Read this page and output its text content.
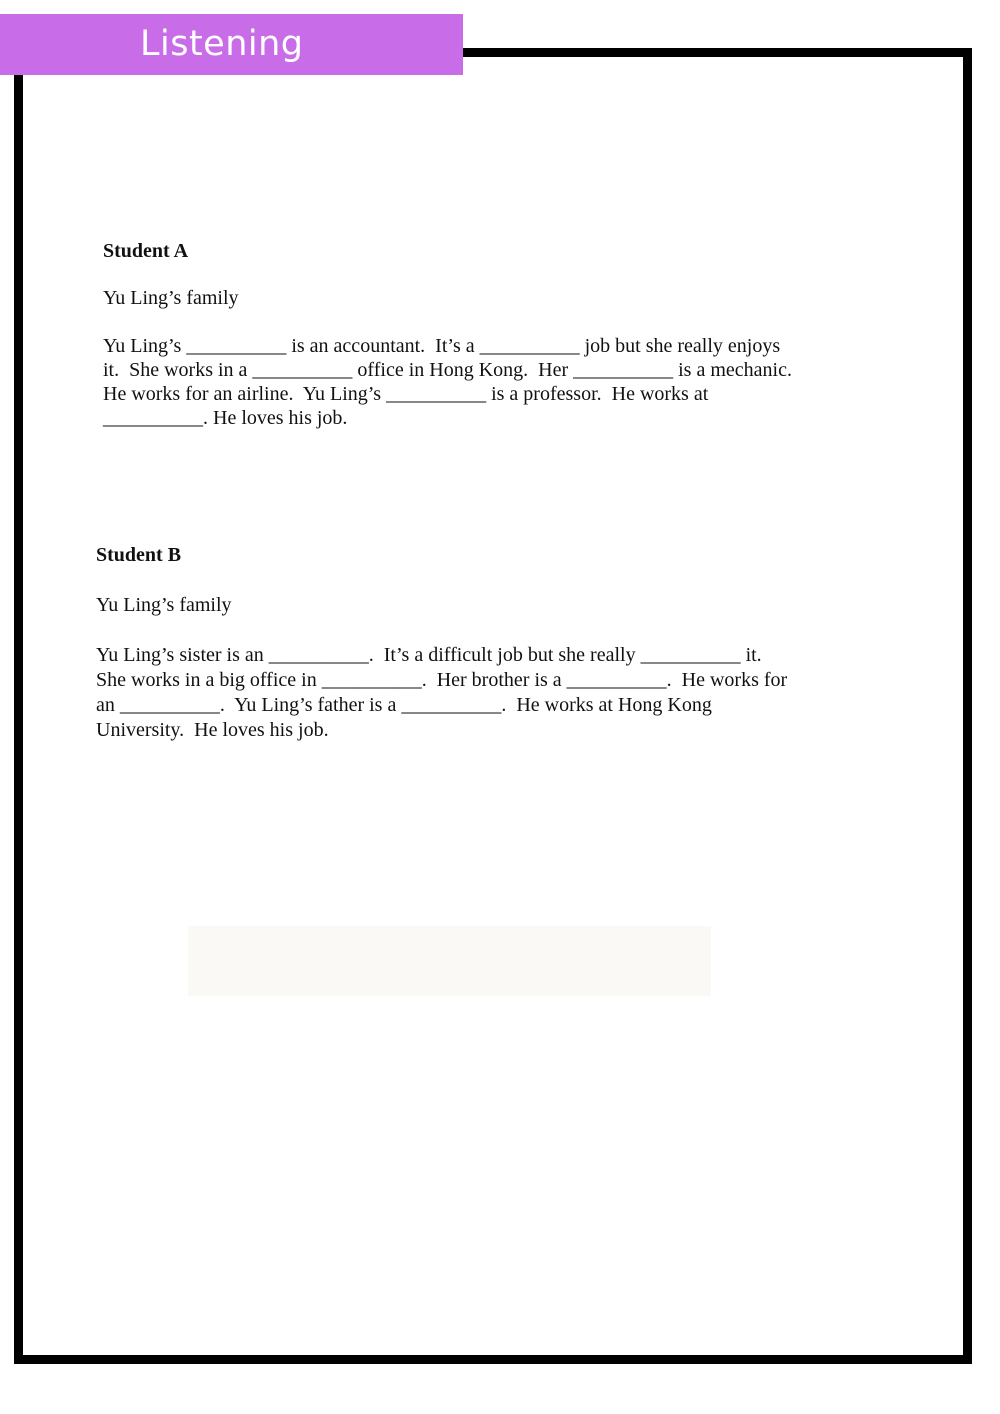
Listening

Student A

Yu Ling’s family

Yu Ling’s __________ is an accountant.  It’s a __________ job but she really enjoys
it.  She works in a __________ office in Hong Kong.  Her __________ is a mechanic.
He works for an airline.  Yu Ling’s __________ is a professor.  He works at
__________. He loves his job.

Student B

Yu Ling’s family

Yu Ling’s sister is an __________.  It’s a difficult job but she really __________ it.
She works in a big office in __________.  Her brother is a __________.  He works for
an __________.  Yu Ling’s father is a __________.  He works at Hong Kong
University.  He loves his job.
